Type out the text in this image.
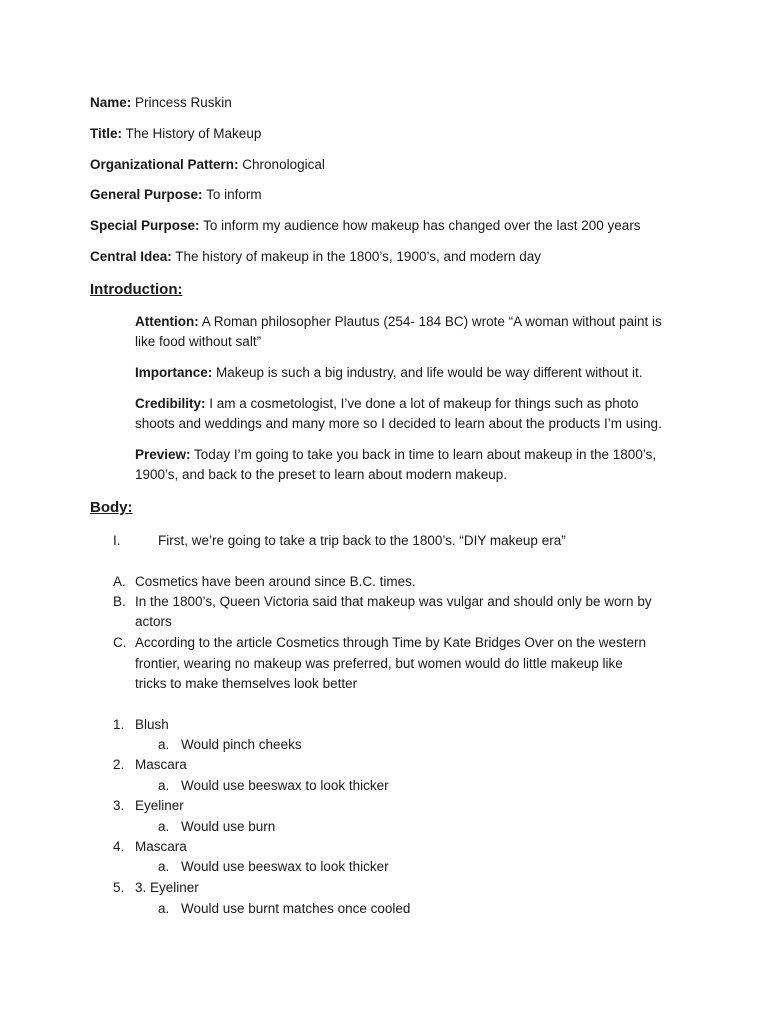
Name: Princess Ruskin
Title: The History of Makeup
Organizational Pattern: Chronological
General Purpose: To inform
Special Purpose: To inform my audience how makeup has changed over the last 200 years
Central Idea: The history of makeup in the 1800’s, 1900’s, and modern day
Introduction:
Attention: A Roman philosopher Plautus (254- 184 BC) wrote “A woman without paint is
like food without salt”
Importance: Makeup is such a big industry, and life would be way different without it.
Credibility: I am a cosmetologist, I’ve done a lot of makeup for things such as photo
shoots and weddings and many more so I decided to learn about the products I’m using.
Preview: Today I’m going to take you back in time to learn about makeup in the 1800’s,
1900’s, and back to the preset to learn about modern makeup.
Body:
I.	First, we’re going to take a trip back to the 1800’s. “DIY makeup era”
A. Cosmetics have been around since B.C. times.
B. In the 1800’s, Queen Victoria said that makeup was vulgar and should only be worn by
actors
C. According to the article Cosmetics through Time by Kate Bridges Over on the western
frontier, wearing no makeup was preferred, but women would do little makeup like
tricks to make themselves look better
1. Blush
a. Would pinch cheeks
2. Mascara
a. Would use beeswax to look thicker
3. Eyeliner
a. Would use burn
4. Mascara
a. Would use beeswax to look thicker
5. 3. Eyeliner
a. Would use burnt matches once cooled
